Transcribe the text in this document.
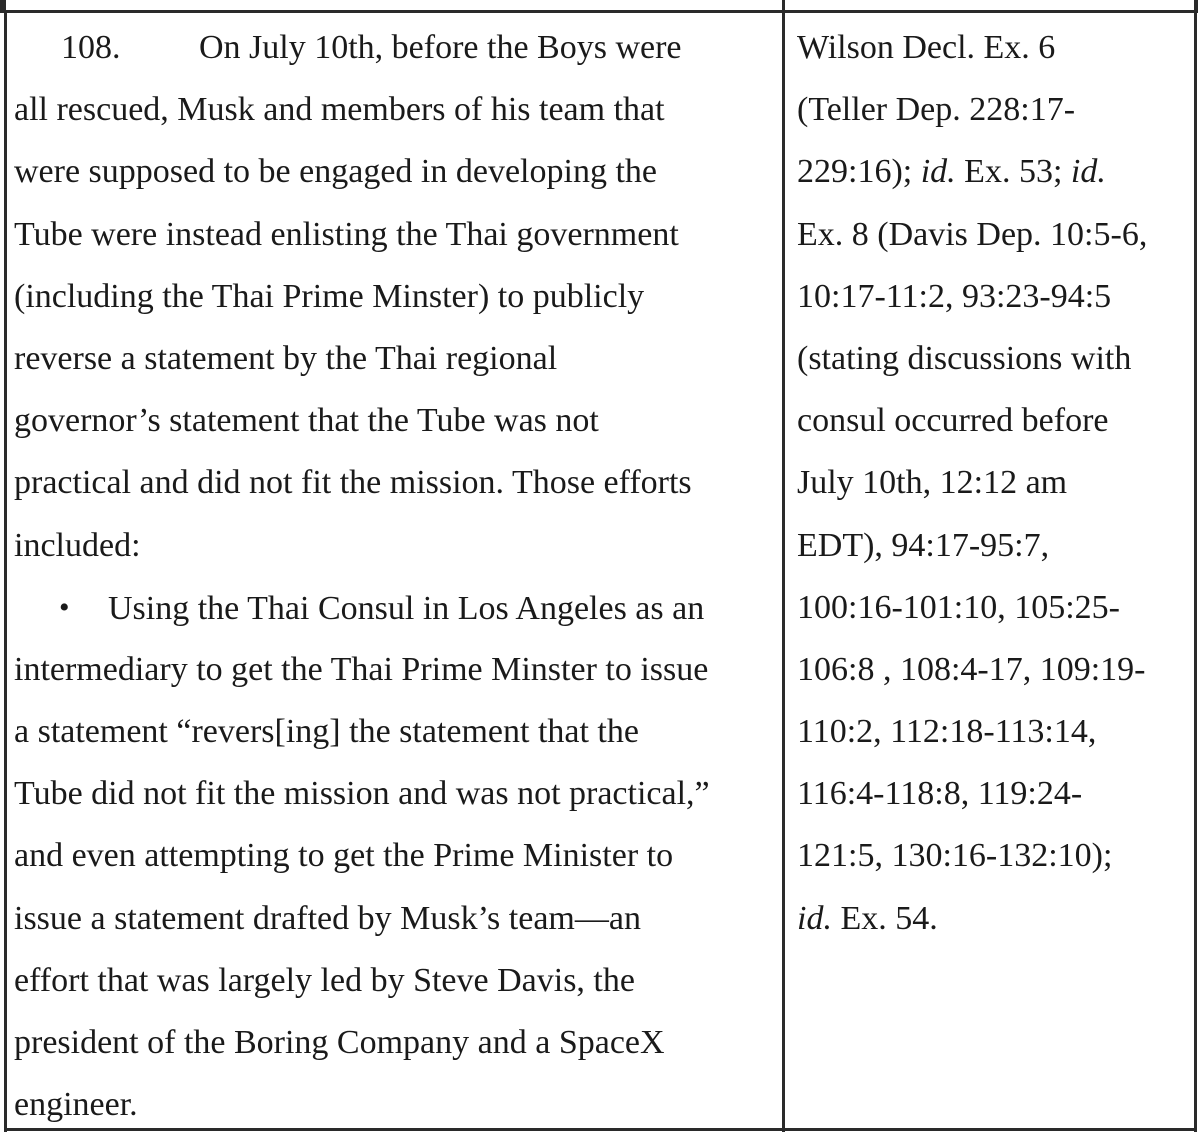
108. On July 10th, before the Boys were
all rescued, Musk and members of his team that
were supposed to be engaged in developing the
Tube were instead enlisting the Thai government
(including the Thai Prime Minster) to publicly
reverse a statement by the Thai regional
governor’s statement that the Tube was not
practical and did not fit the mission. Those efforts
included:
• Using the Thai Consul in Los Angeles as an
intermediary to get the Thai Prime Minster to issue
a statement “revers[ing] the statement that the
Tube did not fit the mission and was not practical,”
and even attempting to get the Prime Minister to
issue a statement drafted by Musk’s team—an
effort that was largely led by Steve Davis, the
president of the Boring Company and a SpaceX
engineer.
Wilson Decl. Ex. 6
(Teller Dep. 228:17-
229:16); id. Ex. 53; id.
Ex. 8 (Davis Dep. 10:5-6,
10:17-11:2, 93:23-94:5
(stating discussions with
consul occurred before
July 10th, 12:12 am
EDT), 94:17-95:7,
100:16-101:10, 105:25-
106:8 , 108:4-17, 109:19-
110:2, 112:18-113:14,
116:4-118:8, 119:24-
121:5, 130:16-132:10);
id. Ex. 54.
